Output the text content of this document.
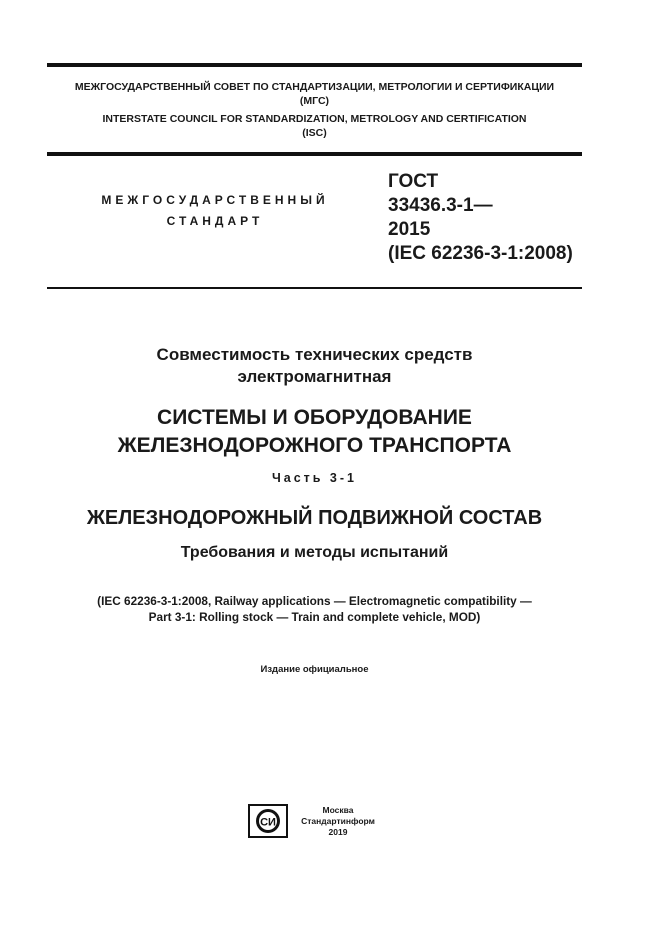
МЕЖГОСУДАРСТВЕННЫЙ СОВЕТ ПО СТАНДАРТИЗАЦИИ, МЕТРОЛОГИИ И СЕРТИФИКАЦИИ
(МГС)
INTERSTATE COUNCIL FOR STANDARDIZATION, METROLOGY AND CERTIFICATION
(ISC)
МЕЖГОСУДАРСТВЕННЫЙ
СТАНДАРТ
ГОСТ
33436.3-1—
2015
(IEC 62236-3-1:2008)
Совместимость технических средств
электромагнитная
СИСТЕМЫ И ОБОРУДОВАНИЕ
ЖЕЛЕЗНОДОРОЖНОГО ТРАНСПОРТА
Часть 3-1
ЖЕЛЕЗНОДОРОЖНЫЙ ПОДВИЖНОЙ СОСТАВ
Требования и методы испытаний
(IEC 62236-3-1:2008, Railway applications — Electromagnetic compatibility —
Part 3-1: Rolling stock — Train and complete vehicle, MOD)
Издание официальное
СИ
Москва
Стандартинформ
2019
